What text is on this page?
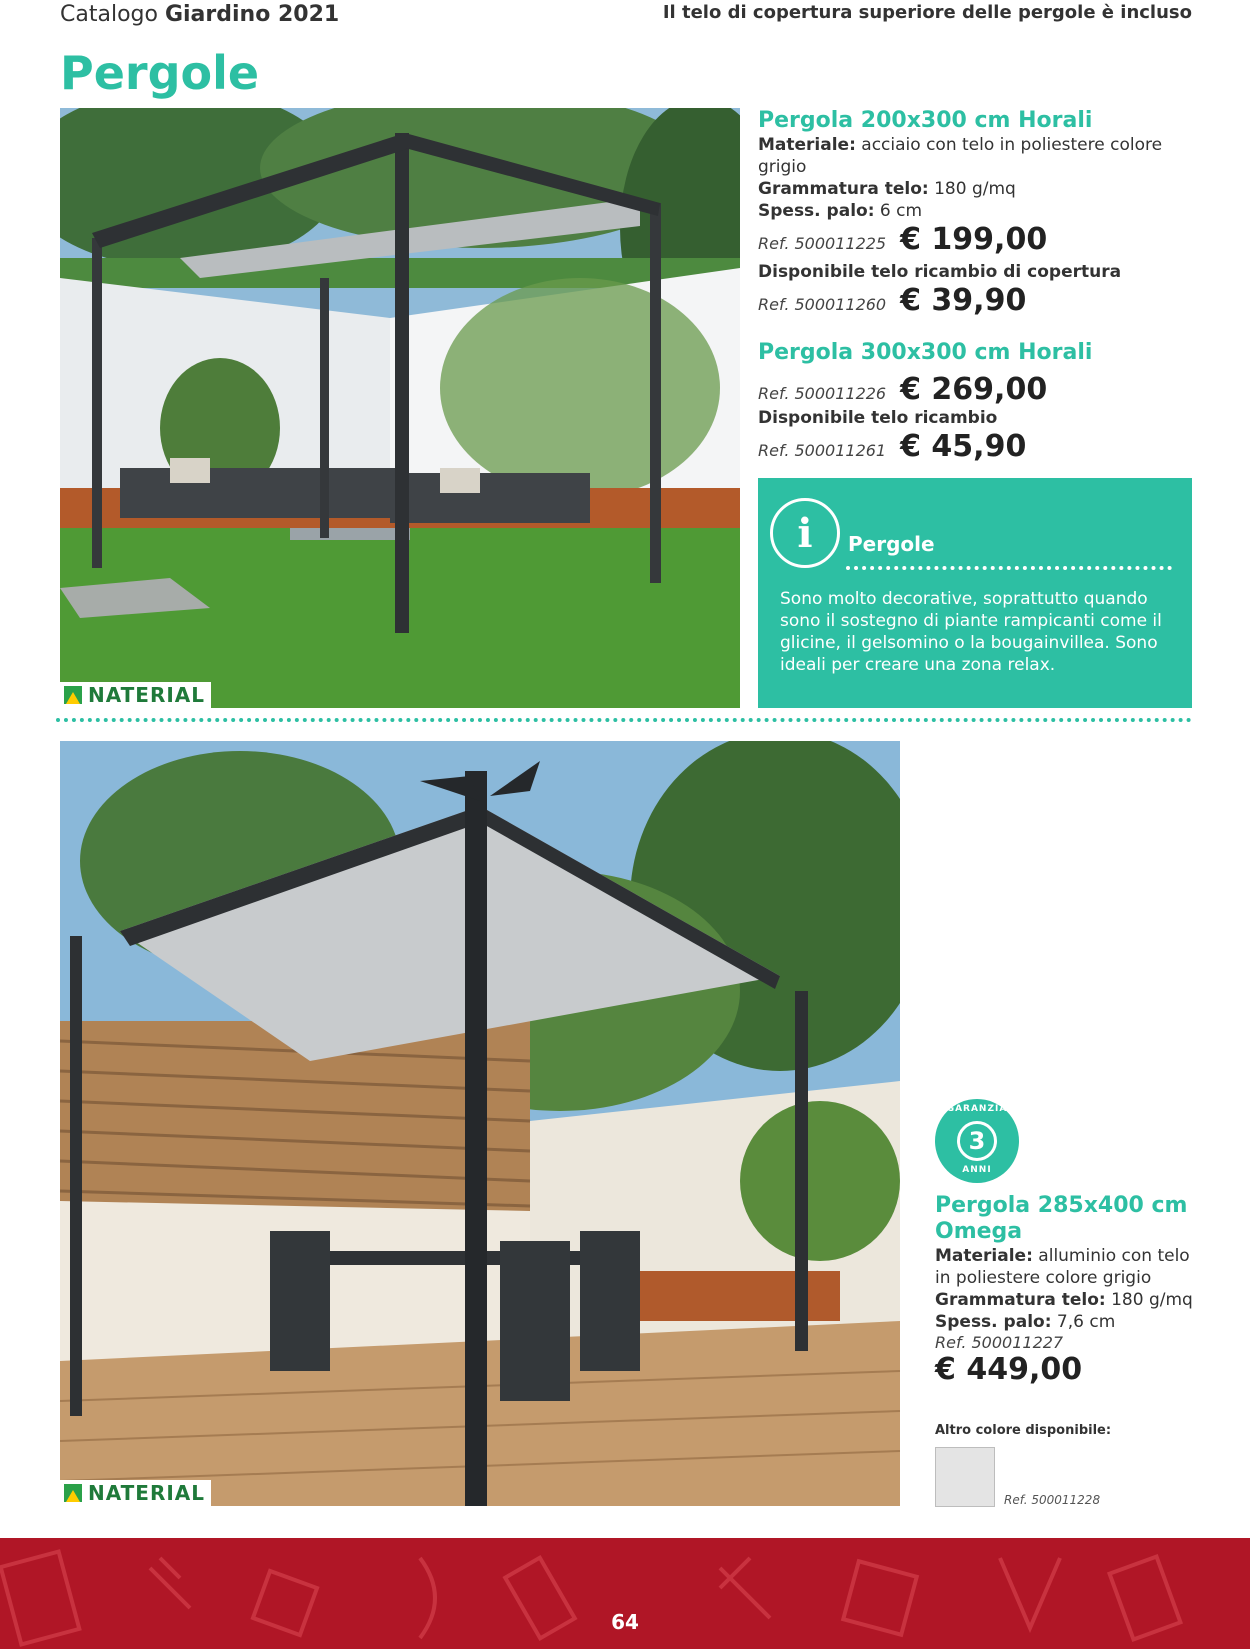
Catalogo Giardino 2021	Il telo di copertura superiore delle pergole è incluso
Pergole
NATERIAL
Pergola 200x300 cm Horali
Materiale: acciaio con telo in poliestere colore grigio
Grammatura telo: 180 g/mq
Spess. palo: 6 cm
Ref. 500011225 € 199,00
Disponibile telo ricambio di copertura
Ref. 500011260 € 39,90
Pergola 300x300 cm Horali
Ref. 500011226 € 269,00
Disponibile telo ricambio
Ref. 500011261 € 45,90
i	Pergole
Sono molto decorative, soprattutto quando sono il sostegno di piante rampicanti come il glicine, il gelsomino o la bougainvillea. Sono ideali per creare una zona relax.
NATERIAL
GARANZIA
3
ANNI
Pergola 285x400 cm Omega
Materiale: alluminio con telo in poliestere colore grigio
Grammatura telo: 180 g/mq
Spess. palo: 7,6 cm
Ref. 500011227
€ 449,00
Altro colore disponibile:
Ref. 500011228
64
